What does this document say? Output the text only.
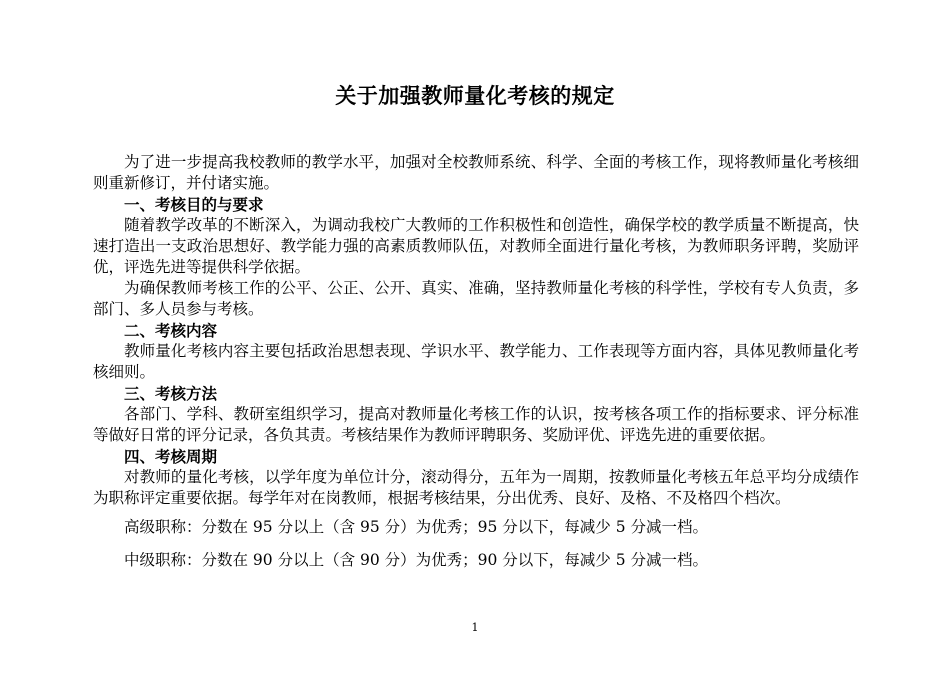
关于加强教师量化考核的规定

为了进一步提高我校教师的教学水平，加强对全校教师系统、科学、全面的考核工作，现将教师量化考核细则重新修订，并付诸实施。

一、考核目的与要求

随着教学改革的不断深入，为调动我校广大教师的工作积极性和创造性，确保学校的教学质量不断提高，快速打造出一支政治思想好、教学能力强的高素质教师队伍，对教师全面进行量化考核，为教师职务评聘，奖励评优，评选先进等提供科学依据。

为确保教师考核工作的公平、公正、公开、真实、准确，坚持教师量化考核的科学性，学校有专人负责，多部门、多人员参与考核。

二、考核内容

教师量化考核内容主要包括政治思想表现、学识水平、教学能力、工作表现等方面内容，具体见教师量化考核细则。

三、考核方法

各部门、学科、教研室组织学习，提高对教师量化考核工作的认识，按考核各项工作的指标要求、评分标准等做好日常的评分记录，各负其责。考核结果作为教师评聘职务、奖励评优、评选先进的重要依据。

四、考核周期

对教师的量化考核，以学年度为单位计分，滚动得分，五年为一周期，按教师量化考核五年总平均分成绩作为职称评定重要依据。每学年对在岗教师，根据考核结果，分出优秀、良好、及格、不及格四个档次。

高级职称：分数在 95 分以上（含 95 分）为优秀；95 分以下，每减少 5 分减一档。

中级职称：分数在 90 分以上（含 90 分）为优秀；90 分以下，每减少 5 分减一档。

1
